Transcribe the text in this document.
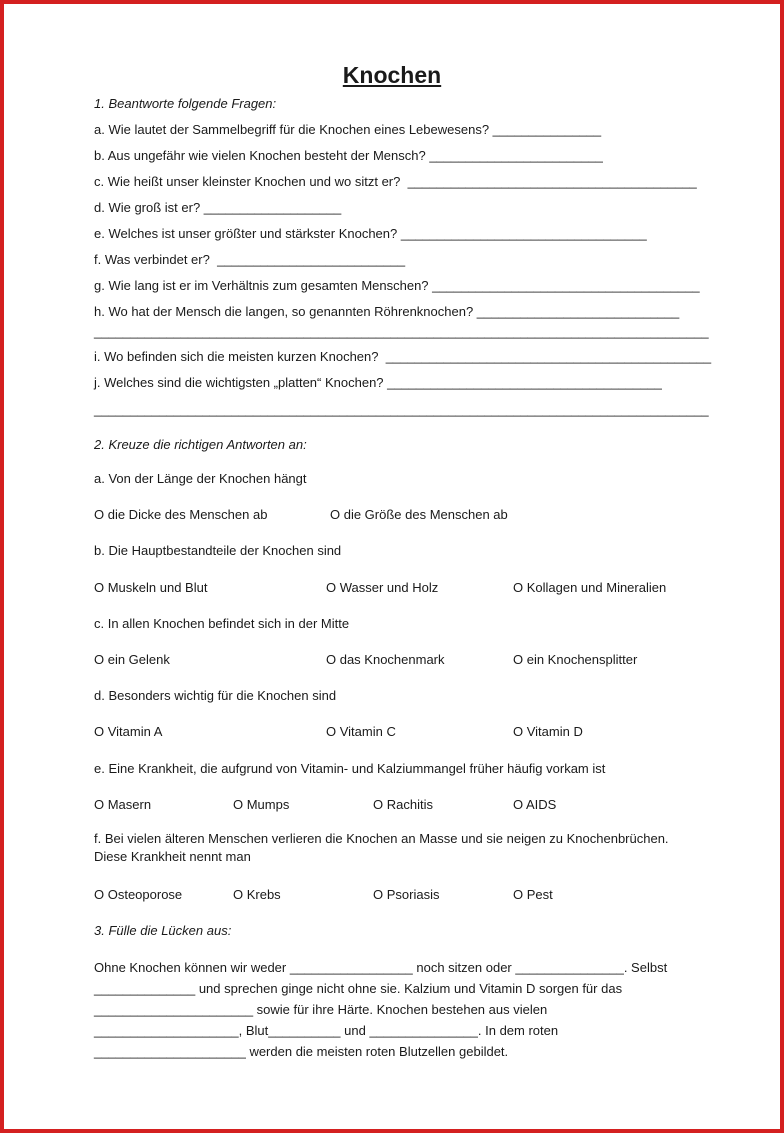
Knochen
1. Beantworte folgende Fragen:
a. Wie lautet der Sammelbegriff für die Knochen eines Lebewesens? _______________
b. Aus ungefähr wie vielen Knochen besteht der Mensch? ________________________
c. Wie heißt unser kleinster Knochen und wo sitzt er?  ________________________________________
d. Wie groß ist er? ___________________
e. Welches ist unser größter und stärkster Knochen? __________________________________
f. Was verbindet er?  __________________________
g. Wie lang ist er im Verhältnis zum gesamten Menschen? _____________________________________
h. Wo hat der Mensch die langen, so genannten Röhrenknochen? ____________________________
_____________________________________________________________________________________
i. Wo befinden sich die meisten kurzen Knochen?  _____________________________________________
j. Welches sind die wichtigsten „platten“ Knochen? ______________________________________
_____________________________________________________________________________________
2. Kreuze die richtigen Antworten an:
a. Von der Länge der Knochen hängt
O die Dicke des Menschen ab	O die Größe des Menschen ab
b. Die Hauptbestandteile der Knochen sind
O Muskeln und Blut	O Wasser und Holz	O Kollagen und Mineralien
c. In allen Knochen befindet sich in der Mitte
O ein Gelenk	O das Knochenmark	O ein Knochensplitter
d. Besonders wichtig für die Knochen sind
O Vitamin A	O Vitamin C	O Vitamin D
e. Eine Krankheit, die aufgrund von Vitamin- und Kalziummangel früher häufig vorkam ist
O Masern	O Mumps	O Rachitis	O AIDS
f. Bei vielen älteren Menschen verlieren die Knochen an Masse und sie neigen zu Knochenbrüchen. Diese Krankheit nennt man
O Osteoporose	O Krebs	O Psoriasis	O Pest
3. Fülle die Lücken aus:
Ohne Knochen können wir weder _________________ noch sitzen oder _______________. Selbst ______________ und sprechen ginge nicht ohne sie. Kalzium und Vitamin D sorgen für das ______________________ sowie für ihre Härte. Knochen bestehen aus vielen ____________________, Blut__________ und _______________. In dem roten _____________________ werden die meisten roten Blutzellen gebildet.
